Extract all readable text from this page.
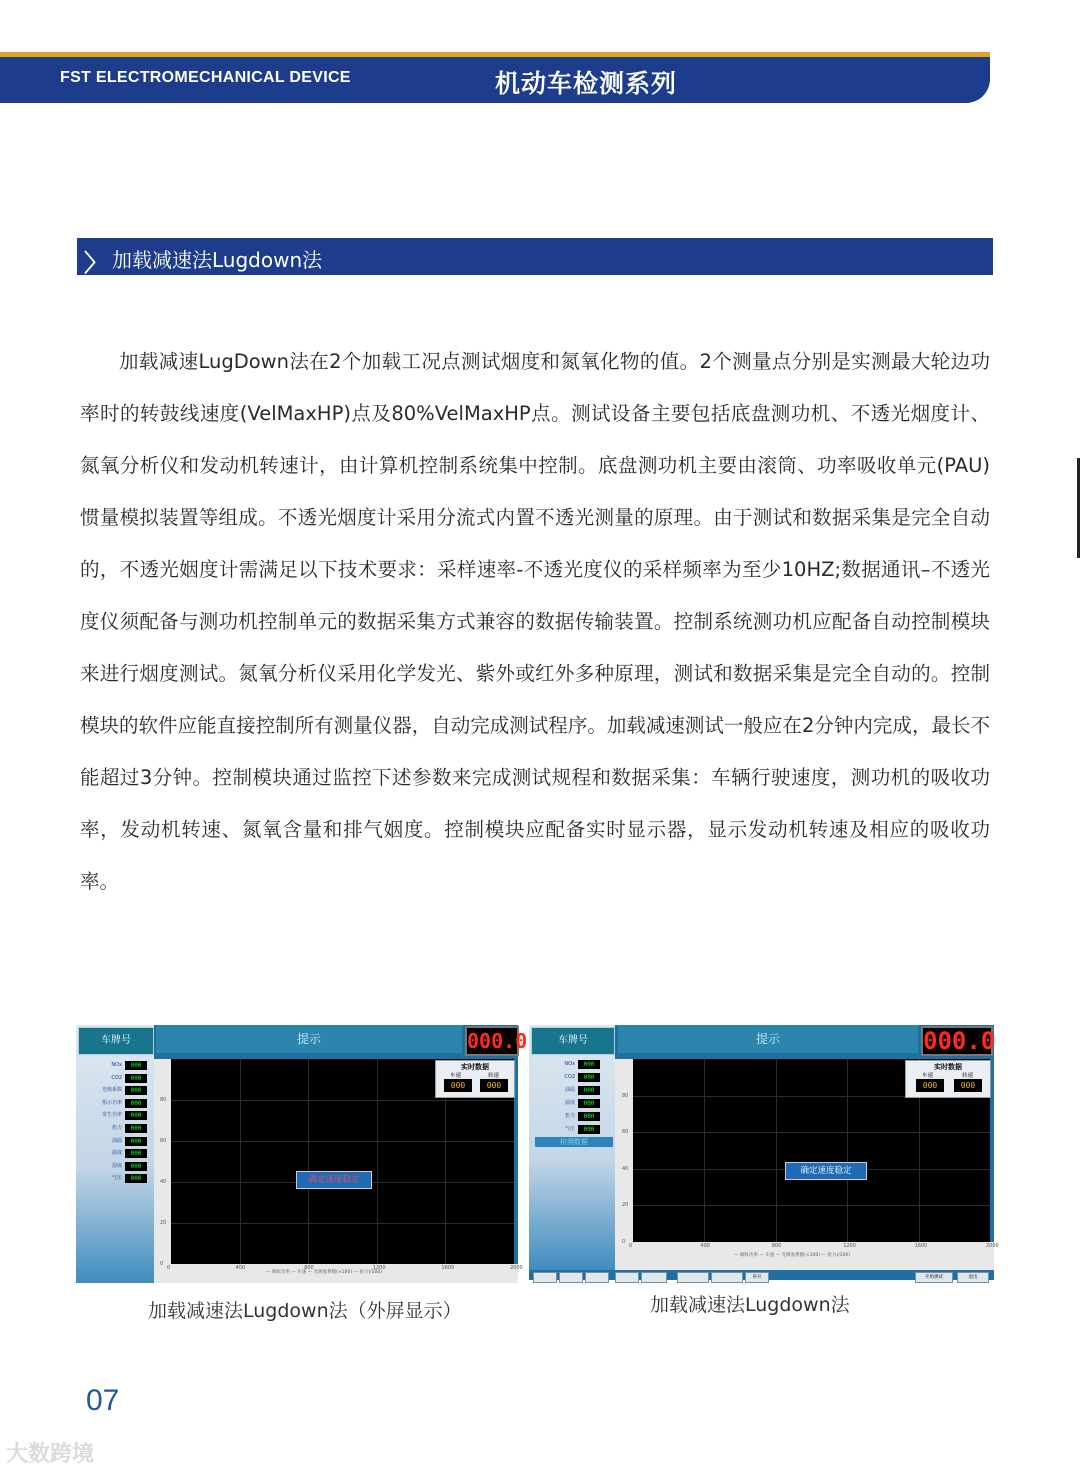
FST ELECTROMECHANICAL DEVICE	机动车检测系列
〉 加载减速法Lugdown法

加载减速LugDown法在2个加载工况点测试烟度和氮氧化物的值。2个测量点分别是实测最大轮边功率时的转鼓线速度(VelMaxHP)点及80%VelMaxHP点。测试设备主要包括底盘测功机、不透光烟度计、氮氧分析仪和发动机转速计，由计算机控制系统集中控制。底盘测功机主要由滚筒、功率吸收单元(PAU)惯量模拟装置等组成。不透光烟度计采用分流式内置不透光测量的原理。由于测试和数据采集是完全自动的，不透光姻度计需满足以下技术要求：采样速率-不透光度仪的采样频率为至少10HZ;数据通讯–不透光度仪须配备与测功机控制单元的数据采集方式兼容的数据传输装置。控制系统测功机应配备自动控制模块来进行烟度测试。氮氧分析仪采用化学发光、紫外或红外多种原理，测试和数据采集是完全自动的。控制模块的软件应能直接控制所有测量仪器，自动完成测试程序。加载减速测试一般应在2分钟内完成，最长不能超过3分钟。控制模块通过监控下述参数来完成测试规程和数据采集：车辆行驶速度，测功机的吸收功率，发动机转速、氮氧含量和排气姻度。控制模块应配备实时显示器，显示发动机转速及相应的吸收功率。

车牌号	提示	000.0
NOx	000
CO2	000
光吸系数	000
指示功率	000
寄生功率	000
扭力	000
油温	000
温度	000
湿度	000
气压	000
80
60
40
20
0
0	400	800	1200	1600	2000
— 吸收功率 — 车速 — 光吸收系数(×100) — 扭力(/100)
实时数据
车速	转速
000	000
确定速度稳定
加载减速法Lugdown法（外屏显示）
车牌号	提示	000.0
NOx	000
CO2	000
油温	000
温度	000
扭力	000
气压	000
检测数据
80
60
40
20
0
0	400	800	1200	1600	2000
— 吸收功率 — 车速 — 光吸收系数(×100) — 扭力(/100)
实时数据
车速	转速
000	000
确定速度稳定
举升	开始测试	退出
加载减速法Lugdown法
07
大数跨境
